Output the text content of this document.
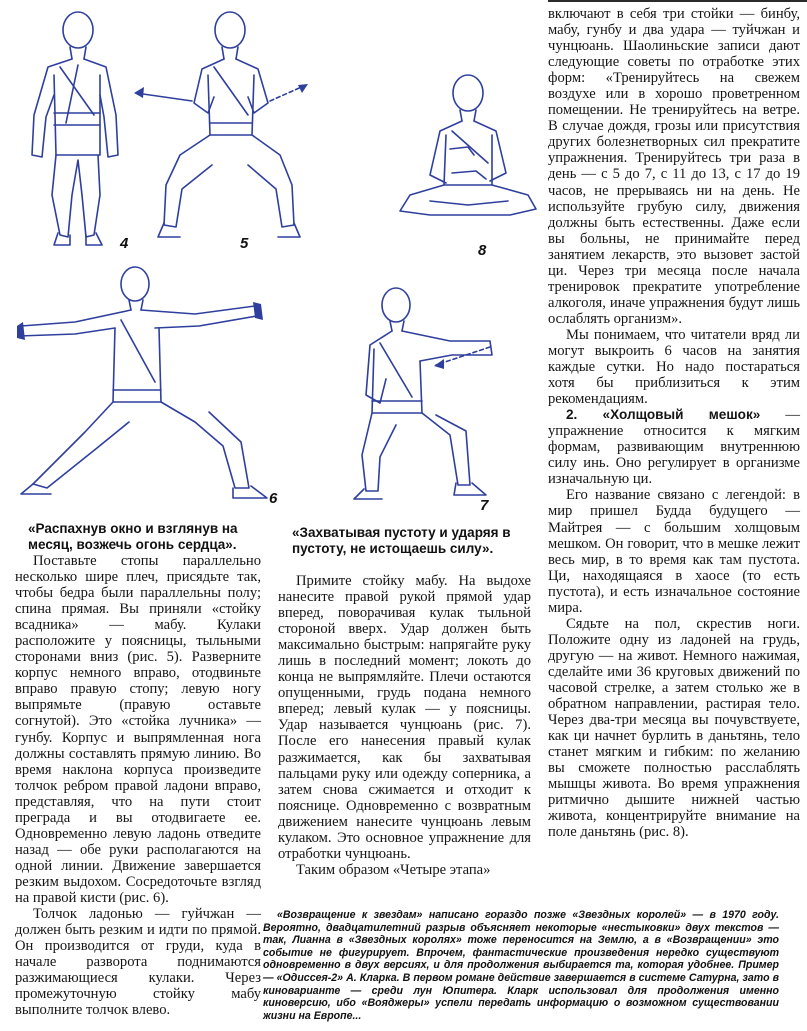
4	5	8
6	7
«Распахнув окно и взглянув на месяц, возжечь огонь сердца».
«Захватывая пустоту и ударяя в пустоту, не истощаешь силу».

Поставьте стопы параллельно несколько шире плеч, присядьте так, чтобы бедра были параллельны полу; спина прямая. Вы приняли «стойку всадника» — мабу. Кулаки расположите у поясницы, тыльными сторонами вниз (рис. 5). Разверните корпус немного вправо, отодвиньте вправо правую стопу; левую ногу выпрямьте (правую оставьте согнутой). Это «стойка лучника» — гунбу. Корпус и выпрямленная нога должны составлять прямую линию. Во время наклона корпуса произведите толчок ребром правой ладони вправо, представляя, что на пути стоит преграда и вы отодвигаете ее. Одновременно левую ладонь отведите назад — обе руки располагаются на одной линии. Движение завершается резким выдохом. Сосредоточьте взгляд на правой кисти (рис. 6).

Толчок ладонью — гуйчжан — должен быть резким и идти по прямой. Он производится от груди, куда в начале разворота поднимаются разжимающиеся кулаки. Через промежуточную стойку мабу выполните толчок влево.

Примите стойку мабу. На выдохе нанесите правой рукой прямой удар вперед, поворачивая кулак тыльной стороной вверх. Удар должен быть максимально быстрым: напрягайте руку лишь в последний момент; локоть до конца не выпрямляйте. Плечи остаются опущенными, грудь подана немного вперед; левый кулак — у поясницы. Удар называется чунцюань (рис. 7). После его нанесения правый кулак разжимается, как бы захватывая пальцами руку или одежду соперника, а затем снова сжимается и отходит к пояснице. Одновременно с возвратным движением нанесите чунцюань левым кулаком. Это основное упражнение для отработки чунцюань.

Таким образом «Четыре этапа»

включают в себя три стойки — бинбу, мабу, гунбу и два удара — туйчжан и чунцюань. Шаолиньские записи дают следующие советы по отработке этих форм: «Тренируйтесь на свежем воздухе или в хорошо проветренном помещении. Не тренируйтесь на ветре. В случае дождя, грозы или присутствия других болезнетворных сил прекратите упражнения. Тренируйтесь три раза в день — с 5 до 7, с 11 до 13, с 17 до 19 часов, не прерываясь ни на день. Не используйте грубую силу, движения должны быть естественны. Даже если вы больны, не принимайте перед занятием лекарств, это вызовет застой ци. Через три месяца после начала тренировок прекратите употребление алкоголя, иначе упражнения будут лишь ослаблять организм».

Мы понимаем, что читатели вряд ли могут выкроить 6 часов на занятия каждые сутки. Но надо постараться хотя бы приблизиться к этим рекомендациям.

2. «Холщовый мешок» — упражнение относится к мягким формам, развивающим внутреннюю силу инь. Оно регулирует в организме изначальную ци.

Его название связано с легендой: в мир пришел Будда будущего — Майтрея — с большим холщовым мешком. Он говорит, что в мешке лежит весь мир, в то время как там пустота. Ци, находящаяся в хаосе (то есть пустота), и есть изначальное состояние мира.

Сядьте на пол, скрестив ноги. Положите одну из ладоней на грудь, другую — на живот. Немного нажимая, сделайте ими 36 круговых движений по часовой стрелке, а затем столько же в обратном направлении, растирая тело. Через два-три месяца вы почувствуете, как ци начнет бурлить в даньтянь, тело станет мягким и гибким: по желанию вы сможете полностью расслаблять мышцы живота. Во время упражнения ритмично дышите нижней частью живота, концентрируйте внимание на поле даньтянь (рис. 8).

«Возвращение к звездам» написано гораздо позже «Звездных королей» — в 1970 году. Вероятно, двадцатилетний разрыв объясняет некоторые «нестыковки» двух текстов — так, Лианна в «Звездных королях» тоже переносится на Землю, а в «Возвращении» это событие не фигурирует. Впрочем, фантастические произведения нередко существуют одновременно в двух версиях, и для продолжения выбирается та, которая удобнее. Пример — «Одиссея-2» А. Кларка. В первом романе действие завершается в системе Сатурна, зато в киноварианте — среди лун Юпитера. Кларк использовал для продолжения именно киноверсию, ибо «Вояджеры» успели передать информацию о возможном существовании жизни на Европе...
